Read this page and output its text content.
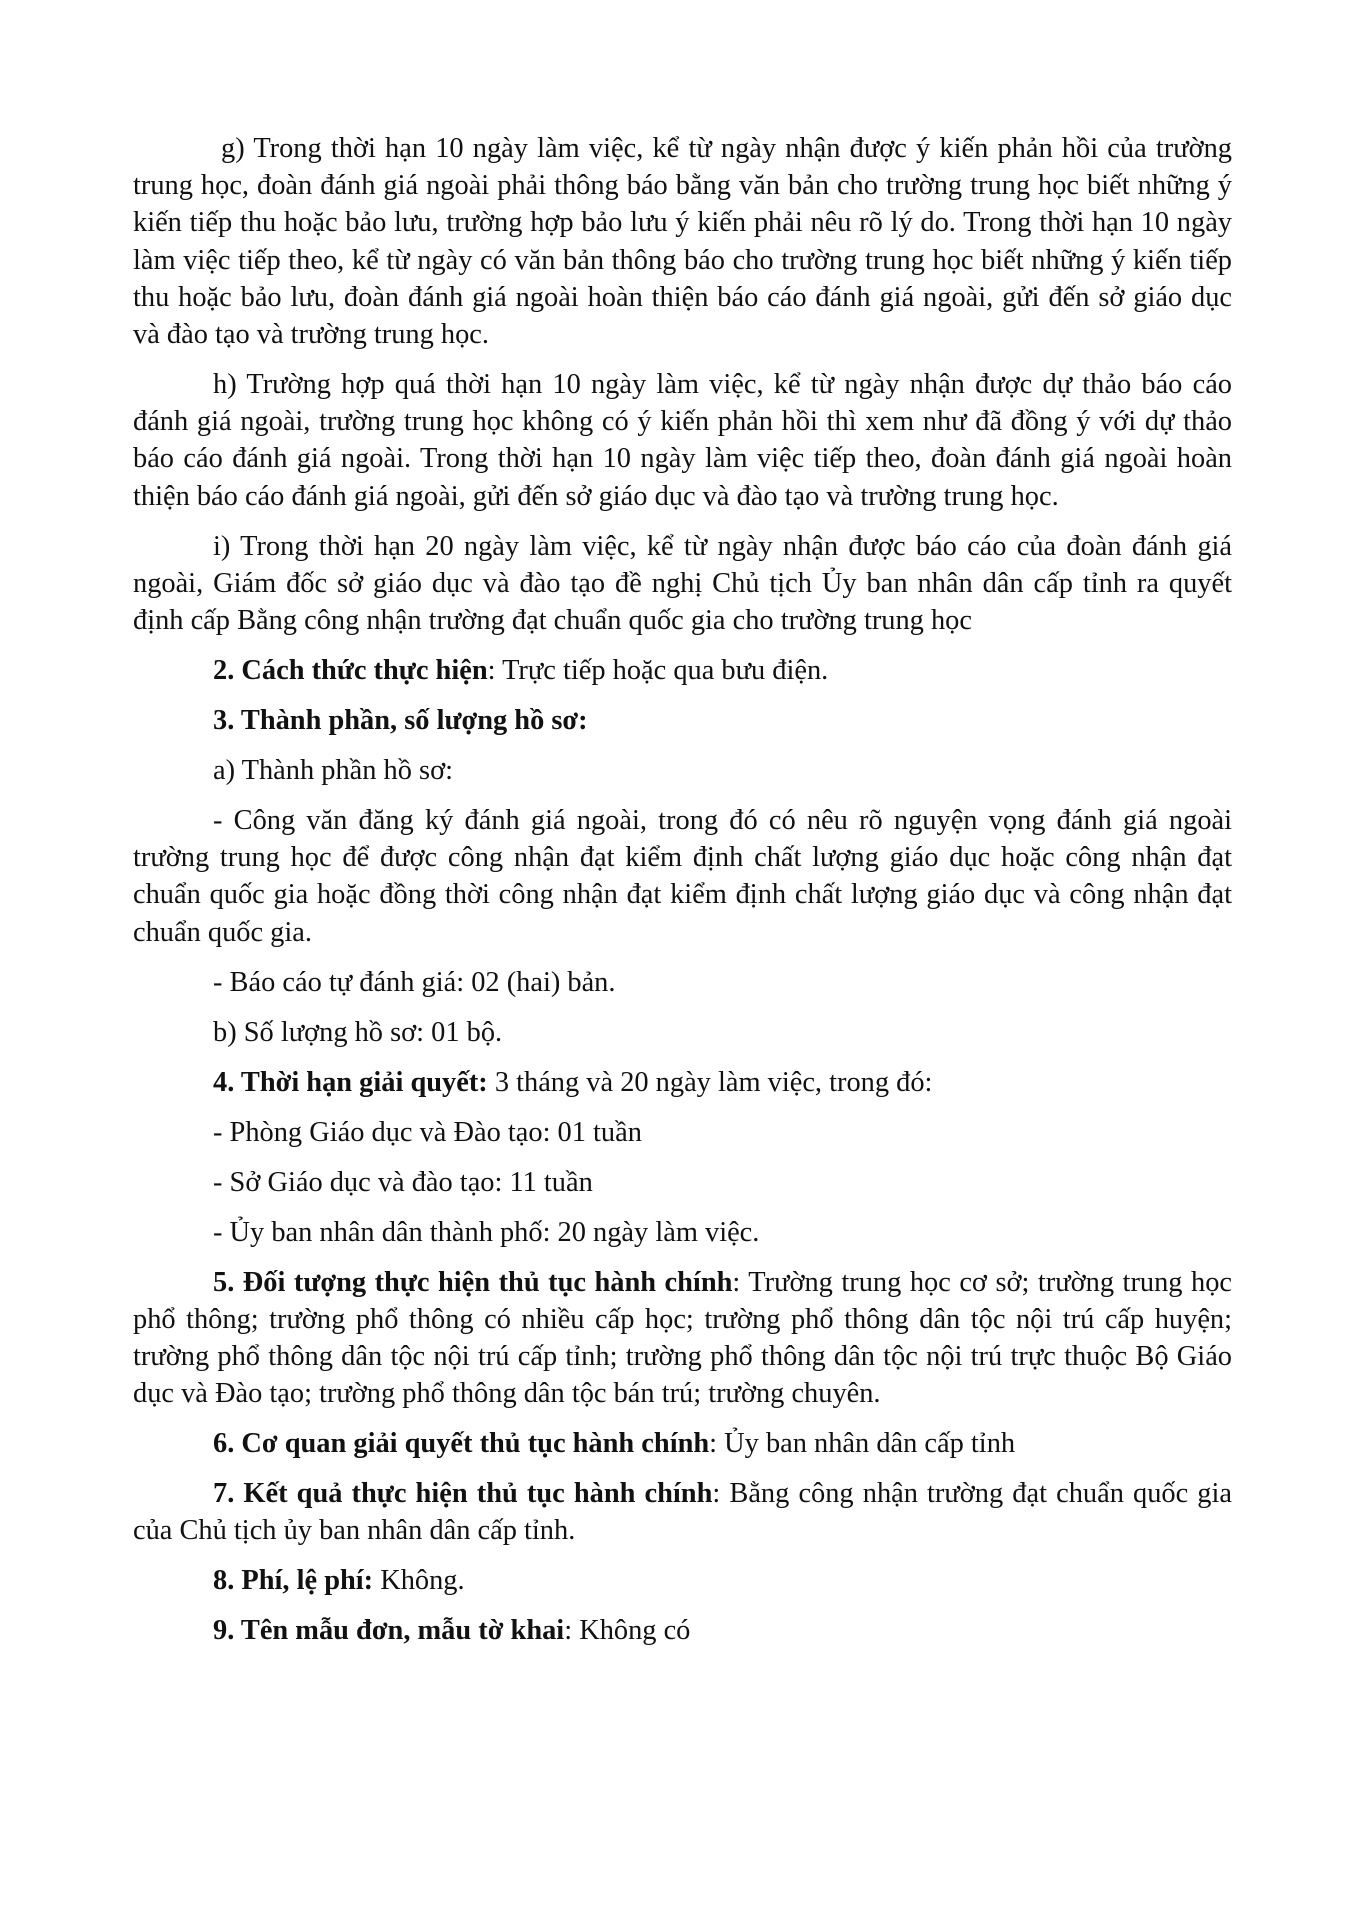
g) Trong thời hạn 10 ngày làm việc, kể từ ngày nhận được ý kiến phản hồi của trường trung học, đoàn đánh giá ngoài phải thông báo bằng văn bản cho trường trung học biết những ý kiến tiếp thu hoặc bảo lưu, trường hợp bảo lưu ý kiến phải nêu rõ lý do. Trong thời hạn 10 ngày làm việc tiếp theo, kể từ ngày có văn bản thông báo cho trường trung học biết những ý kiến tiếp thu hoặc bảo lưu, đoàn đánh giá ngoài hoàn thiện báo cáo đánh giá ngoài, gửi đến sở giáo dục và đào tạo và trường trung học.

h) Trường hợp quá thời hạn 10 ngày làm việc, kể từ ngày nhận được dự thảo báo cáo đánh giá ngoài, trường trung học không có ý kiến phản hồi thì xem như đã đồng ý với dự thảo báo cáo đánh giá ngoài. Trong thời hạn 10 ngày làm việc tiếp theo, đoàn đánh giá ngoài hoàn thiện báo cáo đánh giá ngoài, gửi đến sở giáo dục và đào tạo và trường trung học.

i) Trong thời hạn 20 ngày làm việc, kể từ ngày nhận được báo cáo của đoàn đánh giá ngoài, Giám đốc sở giáo dục và đào tạo đề nghị Chủ tịch Ủy ban nhân dân cấp tỉnh ra quyết định cấp Bằng công nhận trường đạt chuẩn quốc gia cho trường trung học

2. Cách thức thực hiện: Trực tiếp hoặc qua bưu điện.

3. Thành phần, số lượng hồ sơ:

a) Thành phần hồ sơ:

- Công văn đăng ký đánh giá ngoài, trong đó có nêu rõ nguyện vọng đánh giá ngoài trường trung học để được công nhận đạt kiểm định chất lượng giáo dục hoặc công nhận đạt chuẩn quốc gia hoặc đồng thời công nhận đạt kiểm định chất lượng giáo dục và công nhận đạt chuẩn quốc gia.

- Báo cáo tự đánh giá: 02 (hai) bản.

b) Số lượng hồ sơ: 01 bộ.

4. Thời hạn giải quyết: 3 tháng và 20 ngày làm việc, trong đó:

- Phòng Giáo dục và Đào tạo: 01 tuần

- Sở Giáo dục và đào tạo: 11 tuần

- Ủy ban nhân dân thành phố: 20 ngày làm việc.

5. Đối tượng thực hiện thủ tục hành chính: Trường trung học cơ sở; trường trung học phổ thông; trường phổ thông có nhiều cấp học; trường phổ thông dân tộc nội trú cấp huyện; trường phổ thông dân tộc nội trú cấp tỉnh; trường phổ thông dân tộc nội trú trực thuộc Bộ Giáo dục và Đào tạo; trường phổ thông dân tộc bán trú; trường chuyên.

6. Cơ quan giải quyết thủ tục hành chính: Ủy ban nhân dân cấp tỉnh

7. Kết quả thực hiện thủ tục hành chính: Bằng công nhận trường đạt chuẩn quốc gia của Chủ tịch ủy ban nhân dân cấp tỉnh.

8. Phí, lệ phí: Không.

9. Tên mẫu đơn, mẫu tờ khai: Không có
